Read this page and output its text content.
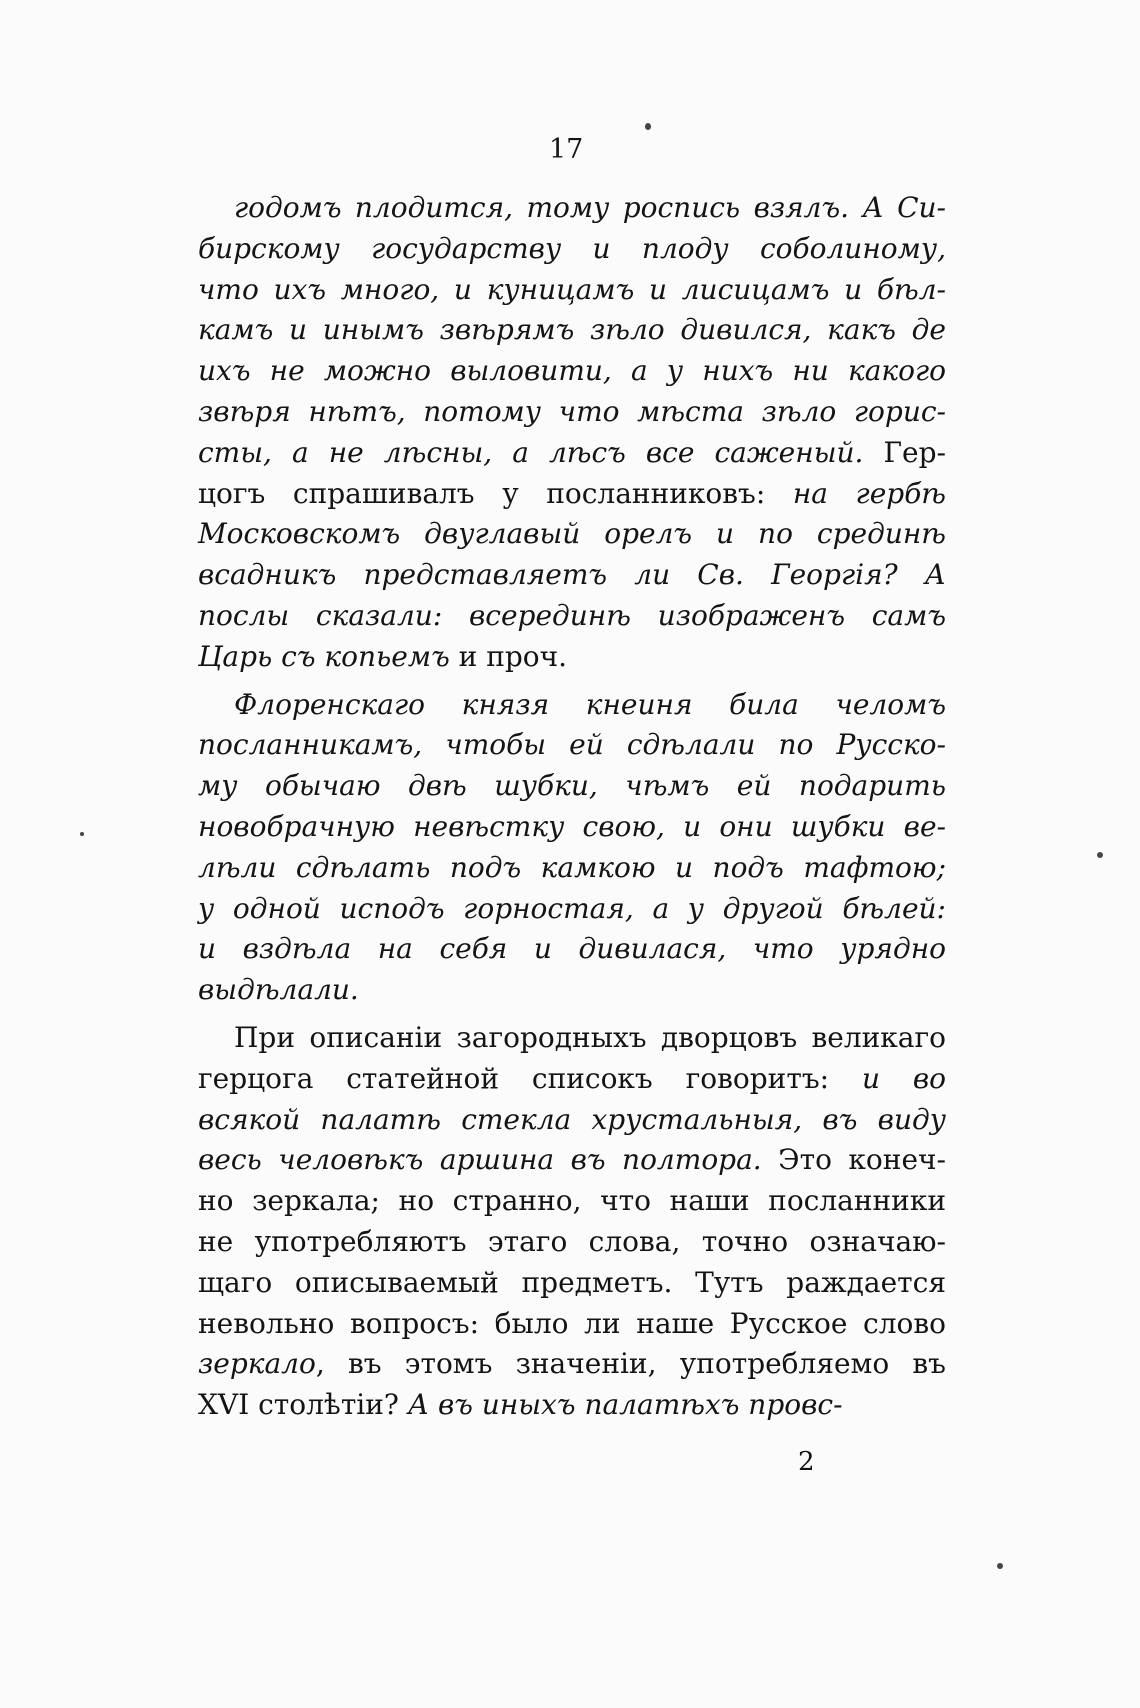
17
годомъ плодится, тому роспись взялъ. А Си-
бирскому государству и плоду соболиному,
что ихъ много, и куницамъ и лисицамъ и бѣл-
камъ и инымъ звѣрямъ зѣло дивился, какъ де
ихъ не можно выловити, а у нихъ ни какого
звѣря нѣтъ, потому что мѣста зѣло горис-
сты, а не лѣсны, а лѣсъ все саженый. Гер-
цогъ спрашивалъ у посланниковъ: на гербѣ
Московскомъ двуглавый орелъ и по срединѣ
всадникъ представляетъ ли Св. Георгія? А
послы сказали: всерединѣ изображенъ самъ
Царь съ копьемъ и проч.
Флоренскаго князя кнеиня била челомъ
посланникамъ, чтобы ей сдѣлали по Русско-
му обычаю двѣ шубки, чѣмъ ей подарить
новобрачную невѣстку свою, и они шубки ве-
лѣли сдѣлать подъ камкою и подъ тафтою;
у одной исподъ горностая, а у другой бѣлей:
и вздѣла на себя и дивилася, что урядно
выдѣлали.
При описаніи загородныхъ дворцовъ великаго
герцога статейной списокъ говоритъ: и во
всякой палатѣ стекла хрустальныя, въ виду
весь человѣкъ аршина въ полтора. Это конеч-
но зеркала; но странно, что наши посланники
не употребляютъ этаго слова, точно означаю-
щаго описываемый предметъ. Тутъ раждается
невольно вопросъ: было ли наше Русское слово
зеркало, въ этомъ значеніи, употребляемо въ
XVI столѣтіи? А въ иныхъ палатѣхъ провс-
2
